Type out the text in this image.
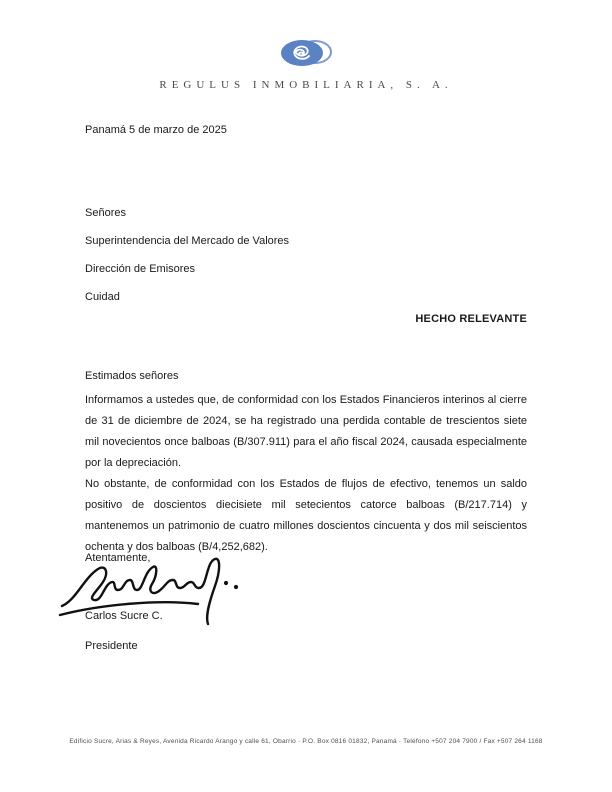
REGULUS INMOBILIARIA, S. A.
Panamá 5 de marzo de 2025
Señores
Superintendencia del Mercado de Valores
Dirección de Emisores
Cuidad
HECHO RELEVANTE
Estimados señores

Informamos a ustedes que, de conformidad con los Estados Financieros interinos al cierre de 31 de diciembre de 2024, se ha registrado una perdida contable de trescientos siete mil novecientos once balboas (B/307.911) para el año fiscal 2024, causada especialmente por la depreciación.

No obstante, de conformidad con los Estados de flujos de efectivo, tenemos un saldo positivo de doscientos diecisiete mil setecientos catorce balboas (B/217.714) y mantenemos un patrimonio de cuatro millones doscientos cincuenta y dos mil seiscientos ochenta y dos balboas (B/4,252,682).

Atentamente,
Carlos Sucre C.
Presidente
Edificio Sucre, Arias & Reyes, Avenida Ricardo Arango y calle 61, Obarrio · P.O. Box 0816 01832, Panamá · Teléfono +507 204 7900 / Fax +507 264 1168
